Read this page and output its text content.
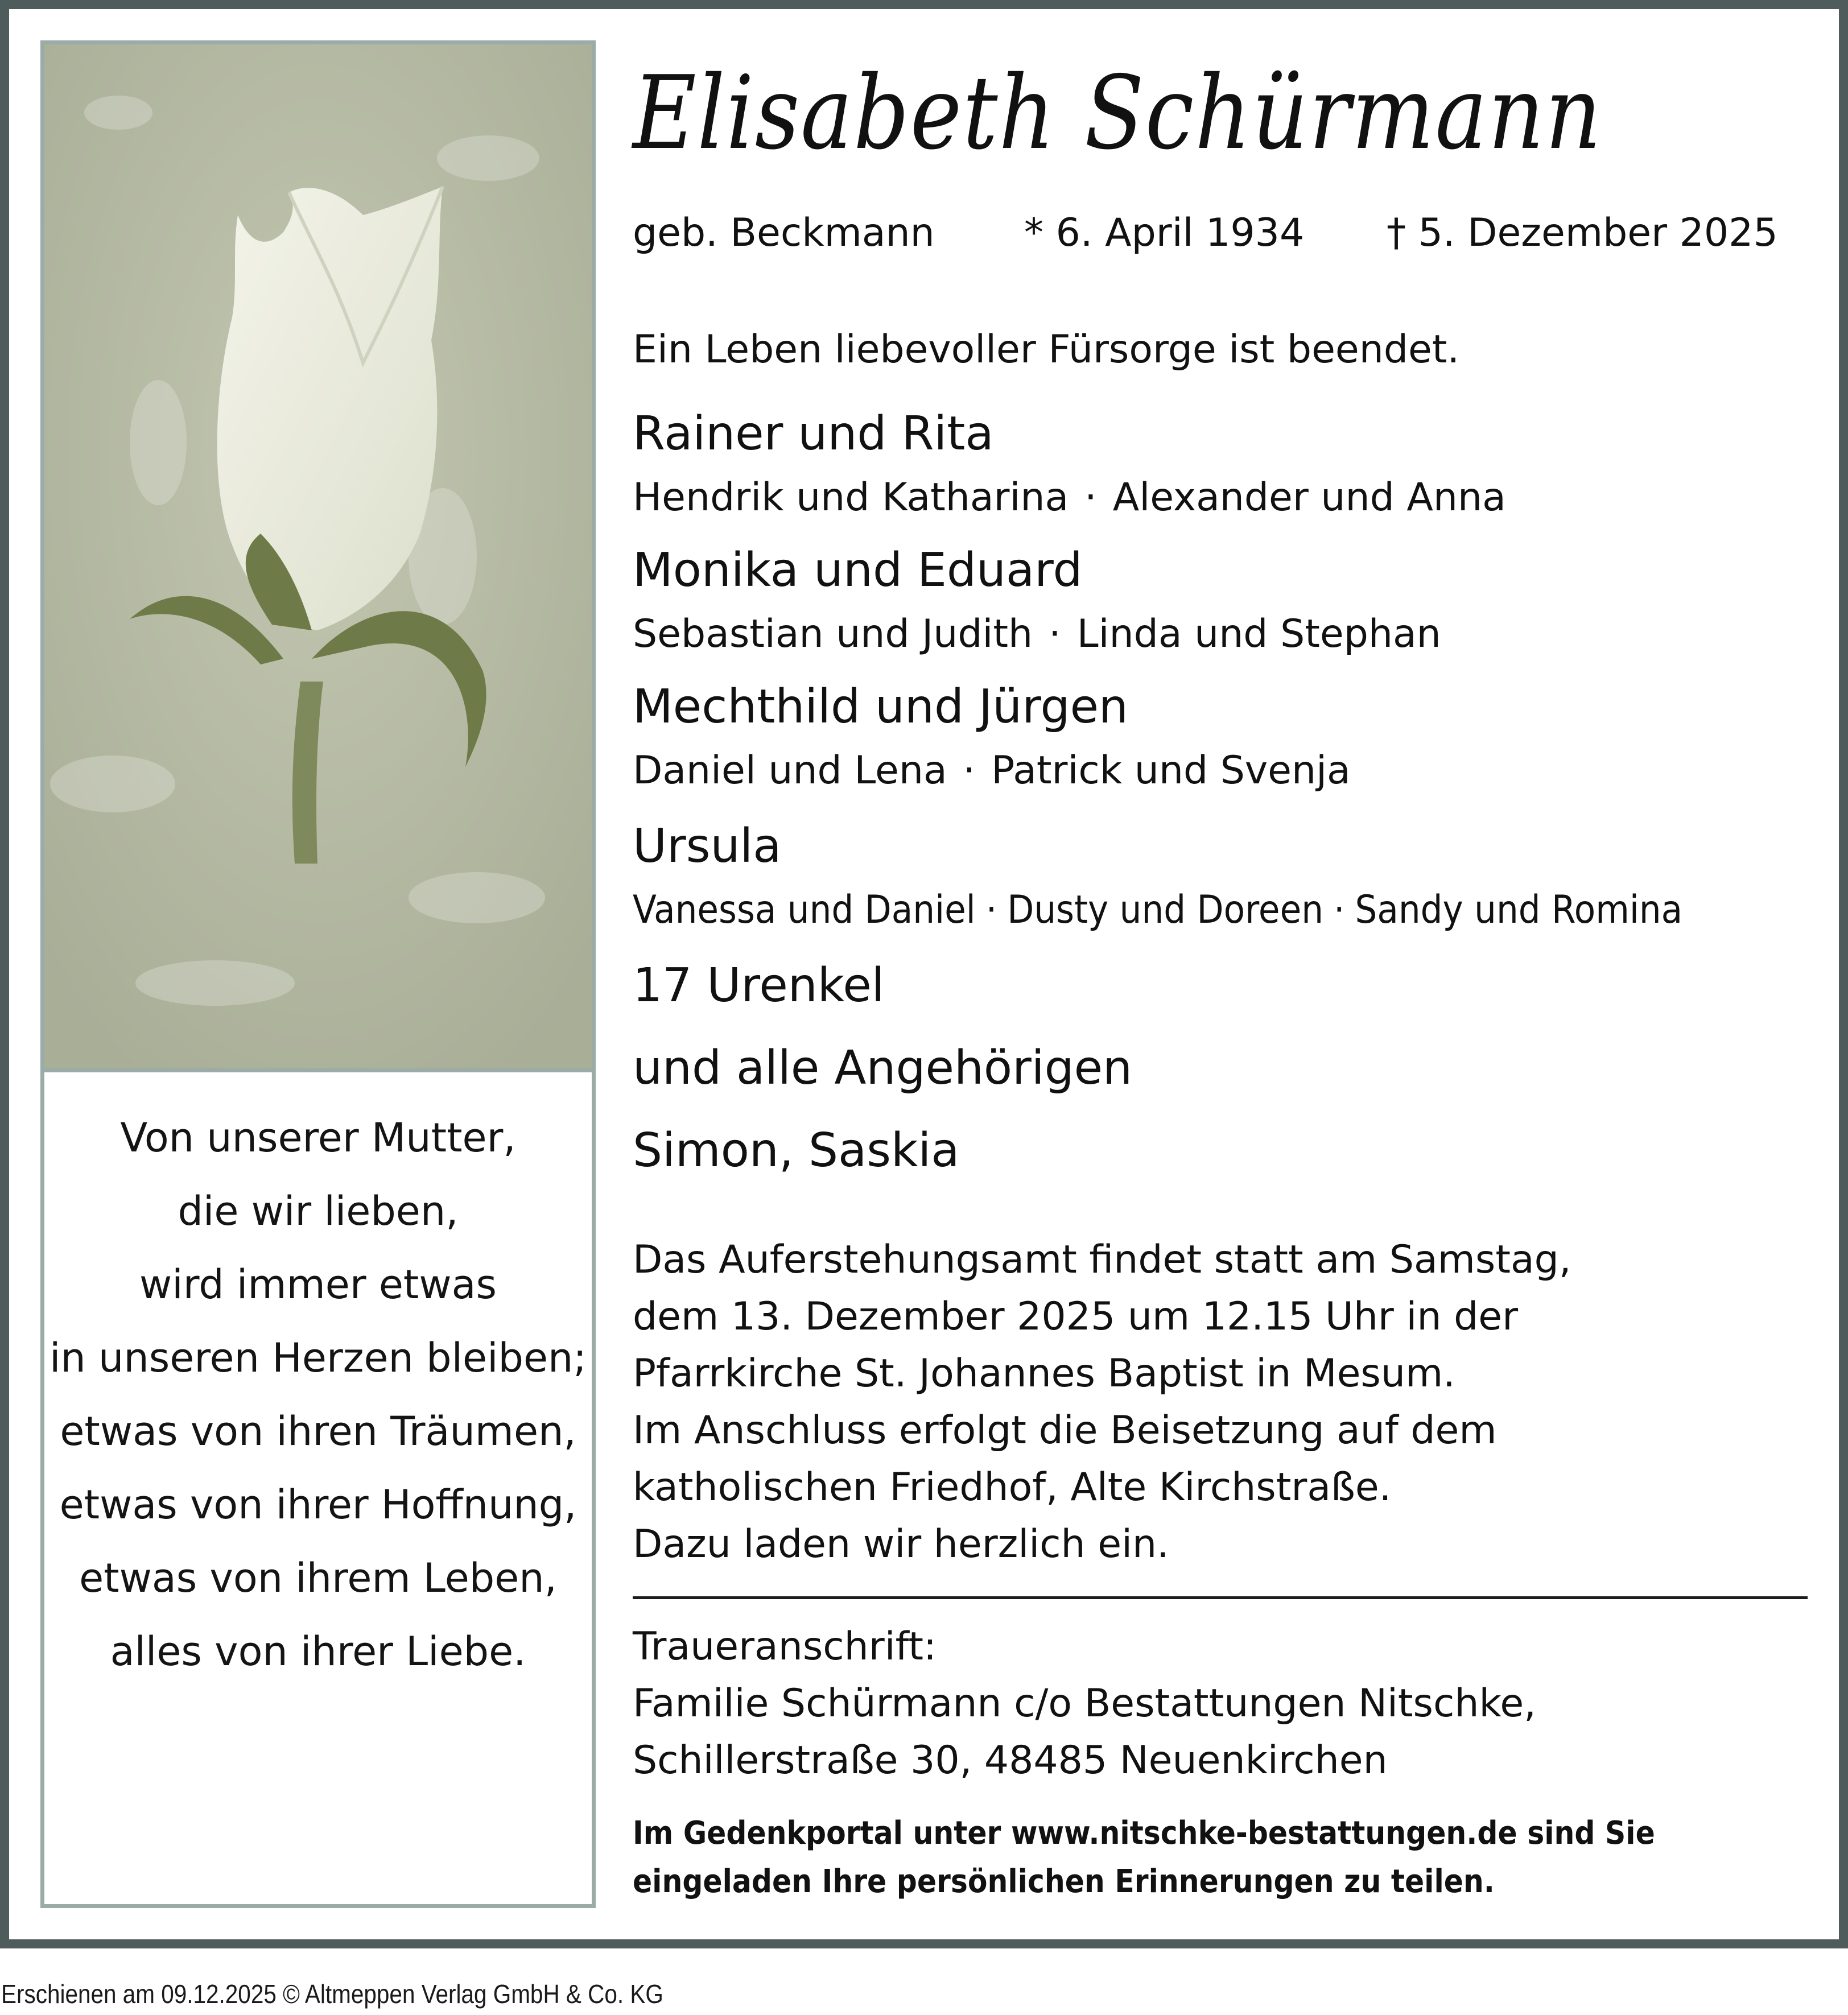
Von unserer Mutter,
die wir lieben,
wird immer etwas
in unseren Herzen bleiben;
etwas von ihren Träumen,
etwas von ihrer Hoffnung,
etwas von ihrem Leben,
alles von ihrer Liebe.
Elisabeth Schürmann
geb. Beckmann * 6. April 1934 † 5. Dezember 2025
Ein Leben liebevoller Fürsorge ist beendet.
Rainer und Rita
Hendrik und Katharina · Alexander und Anna
Monika und Eduard
Sebastian und Judith · Linda und Stephan
Mechthild und Jürgen
Daniel und Lena · Patrick und Svenja
Ursula
Vanessa und Daniel · Dusty und Doreen · Sandy und Romina
17 Urenkel
und alle Angehörigen
Simon, Saskia
Das Auferstehungsamt findet statt am Samstag,
dem 13. Dezember 2025 um 12.15 Uhr in der
Pfarrkirche St. Johannes Baptist in Mesum.
Im Anschluss erfolgt die Beisetzung auf dem
katholischen Friedhof, Alte Kirchstraße.
Dazu laden wir herzlich ein.
Traueranschrift:
Familie Schürmann c/o Bestattungen Nitschke,
Schillerstraße 30, 48485 Neuenkirchen
Im Gedenkportal unter www.nitschke-bestattungen.de sind Sie
eingeladen Ihre persönlichen Erinnerungen zu teilen.
Erschienen am 09.12.2025 © Altmeppen Verlag GmbH & Co. KG
